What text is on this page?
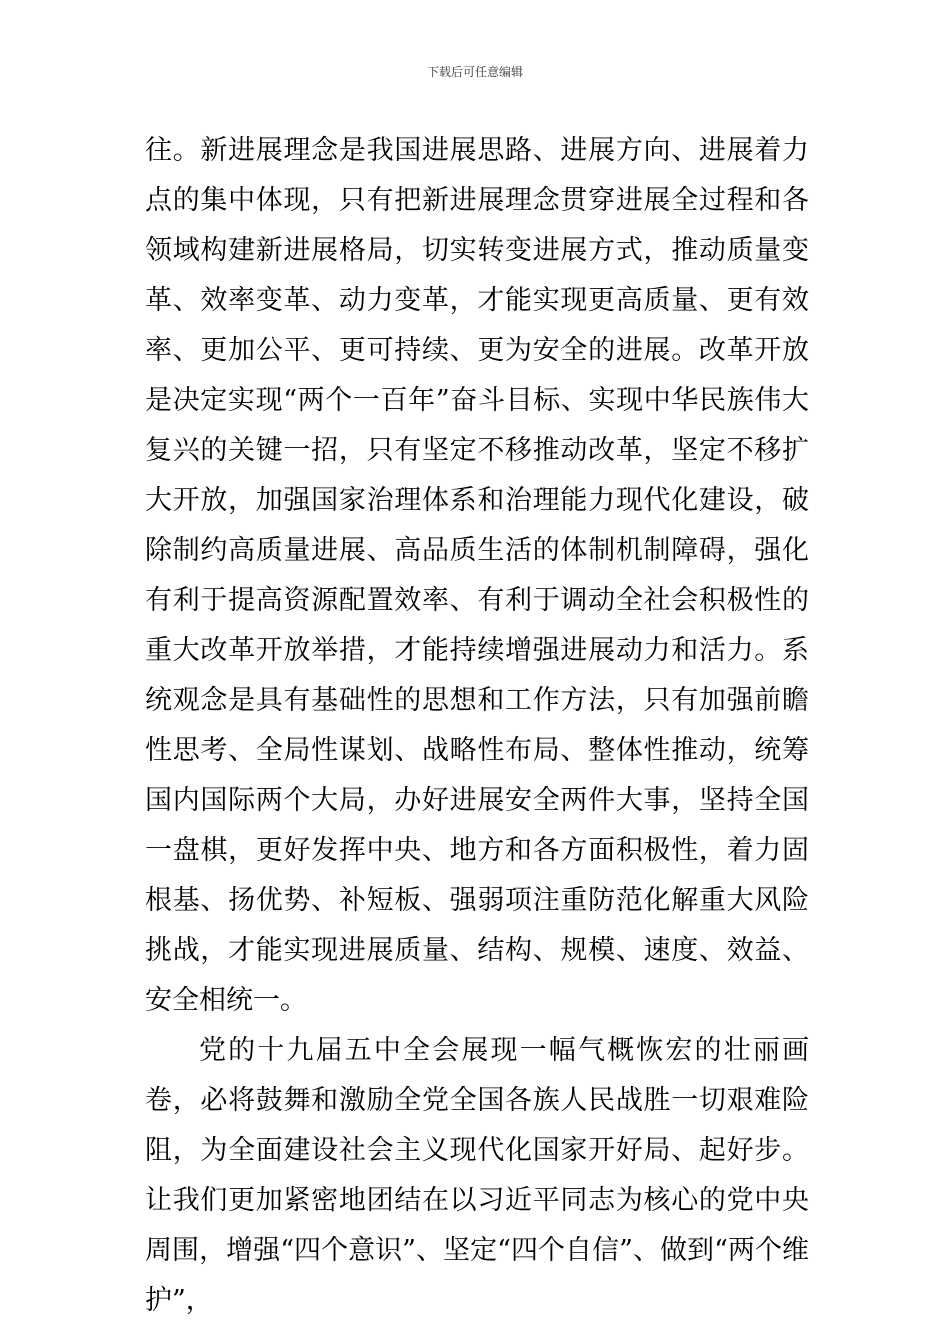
下载后可任意编辑

往。新进展理念是我国进展思路、进展方向、进展着力点的集中体现，只有把新进展理念贯穿进展全过程和各领域构建新进展格局，切实转变进展方式，推动质量变革、效率变革、动力变革，才能实现更高质量、更有效率、更加公平、更可持续、更为安全的进展。改革开放是决定实现“两个一百年”奋斗目标、实现中华民族伟大复兴的关键一招，只有坚定不移推动改革，坚定不移扩大开放，加强国家治理体系和治理能力现代化建设，破除制约高质量进展、高品质生活的体制机制障碍，强化有利于提高资源配置效率、有利于调动全社会积极性的重大改革开放举措，才能持续增强进展动力和活力。系统观念是具有基础性的思想和工作方法，只有加强前瞻性思考、全局性谋划、战略性布局、整体性推动，统筹国内国际两个大局，办好进展安全两件大事，坚持全国一盘棋，更好发挥中央、地方和各方面积极性，着力固根基、扬优势、补短板、强弱项注重防范化解重大风险挑战，才能实现进展质量、结构、规模、速度、效益、安全相统一。

党的十九届五中全会展现一幅气概恢宏的壮丽画卷，必将鼓舞和激励全党全国各族人民战胜一切艰难险阻，为全面建设社会主义现代化国家开好局、起好步。让我们更加紧密地团结在以习近平同志为核心的党中央周围，增强“四个意识”、坚定“四个自信”、做到“两个维护”，
